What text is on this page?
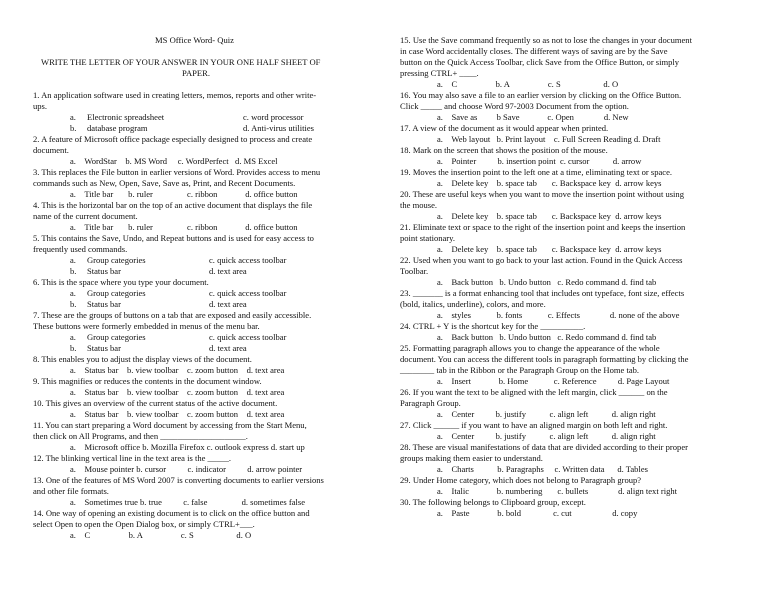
MS Office Word- Quiz
WRITE THE LETTER OF YOUR ANSWER IN YOUR ONE HALF SHEET OF
PAPER.
1. An application software used in creating letters, memos, reports and other write-
ups.
a. Electronic spreadsheet	c. word processor
b. database program	d. Anti-virus utilities
2. A feature of Microsoft office package especially designed to process and create
document.
a.    WordStar    b. MS Word     c. WordPerfect   d. MS Excel
3. This replaces the File button in earlier versions of Word. Provides access to menu
commands such as New, Open, Save, Save as, Print, and Recent Documents.
a.    Title bar       b. ruler                c. ribbon             d. office button
4. This is the horizontal bar on the top of an active document that displays the file
name of the current document.
a.    Title bar       b. ruler                c. ribbon             d. office button
5. This contains the Save, Undo, and Repeat buttons and is used for easy access to
frequently used commands.
a. Group categories	c. quick access toolbar
b. Status bar	d. text area
6. This is the space where you type your document.
a. Group categories	c. quick access toolbar
b. Status bar	d. text area
7. These are the groups of buttons on a tab that are exposed and easily accessible.
These buttons were formerly embedded in menus of the menu bar.
a. Group categories	c. quick access toolbar
b. Status bar	d. text area
8. This enables you to adjust the display views of the document.
a.    Status bar    b. view toolbar    c. zoom button    d. text area
9. This magnifies or reduces the contents in the document window.
a.    Status bar    b. view toolbar    c. zoom button    d. text area
10. This gives an overview of the current status of the active document.
a.    Status bar    b. view toolbar    c. zoom button    d. text area
11. You can start preparing a Word document by accessing from the Start Menu,
then click on All Programs, and then ____________________.
a.    Microsoft office b. Mozilla Firefox c. outlook express d. start up
12. The blinking vertical line in the text area is the _____.
a.    Mouse pointer b. cursor          c. indicator          d. arrow pointer
13. One of the features of MS Word 2007 is converting documents to earlier versions
and other file formats.
a.    Sometimes true b. true          c. false                d. sometimes false
14. One way of opening an existing document is to click on the office button and
select Open to open the Open Dialog box, or simply CTRL+___.
a.    C                  b. A                  c. S                    d. O
15. Use the Save command frequently so as not to lose the changes in your document
in case Word accidentally closes. The different ways of saving are by the Save
button on the Quick Access Toolbar, click Save from the Office Button, or simply
pressing CTRL+ ____.
a.    C                  b. A                  c. S                    d. O
16. You may also save a file to an earlier version by clicking on the Office Button.
Click _____ and choose Word 97-2003 Document from the option.
a.    Save as         b Save             c. Open              d. New
17. A view of the document as it would appear when printed.
a.    Web layout   b. Print layout    c. Full Screen Reading d. Draft
18. Mark on the screen that shows the position of the mouse.
a.    Pointer          b. insertion point  c. cursor           d. arrow
19. Moves the insertion point to the left one at a time, eliminating text or space.
a.    Delete key    b. space tab       c. Backspace key  d. arrow keys
20. These are useful keys when you want to move the insertion point without using
the mouse.
a.    Delete key    b. space tab       c. Backspace key  d. arrow keys
21. Eliminate text or space to the right of the insertion point and keeps the insertion
point stationary.
a.    Delete key    b. space tab       c. Backspace key  d. arrow keys
22. Used when you want to go back to your last action. Found in the Quick Access
Toolbar.
a.    Back button   b. Undo button   c. Redo command d. find tab
23. _______ is a format enhancing tool that includes ont typeface, font size, effects
(bold, italics, underline), colors, and more.
a.    styles            b. fonts            c. Effects              d. none of the above
24. CTRL + Y is the shortcut key for the __________.
a.    Back button   b. Undo button   c. Redo command d. find tab
25. Formatting paragraph allows you to change the appearance of the whole
document. You can access the different tools in paragraph formatting by clicking the
________ tab in the Ribbon or the Paragraph Group on the Home tab.
a.    Insert             b. Home            c. Reference          d. Page Layout
26. If you want the text to be aligned with the left margin, click ______ on the
Paragraph Group.
a.    Center          b. justify           c. align left           d. align right
27. Click ______ if you want to have an aligned margin on both left and right.
a.    Center          b. justify           c. align left           d. align right
28. These are visual manifestations of data that are divided according to their proper
groups making them easier to understand.
a.    Charts           b. Paragraphs     c. Written data      d. Tables
29. Under Home category, which does not belong to Paragraph group?
a.    Italic             b. numbering       c. bullets              d. align text right
30. The following belongs to Clipboard group, except.
a.    Paste             b. bold               c. cut                   d. copy
